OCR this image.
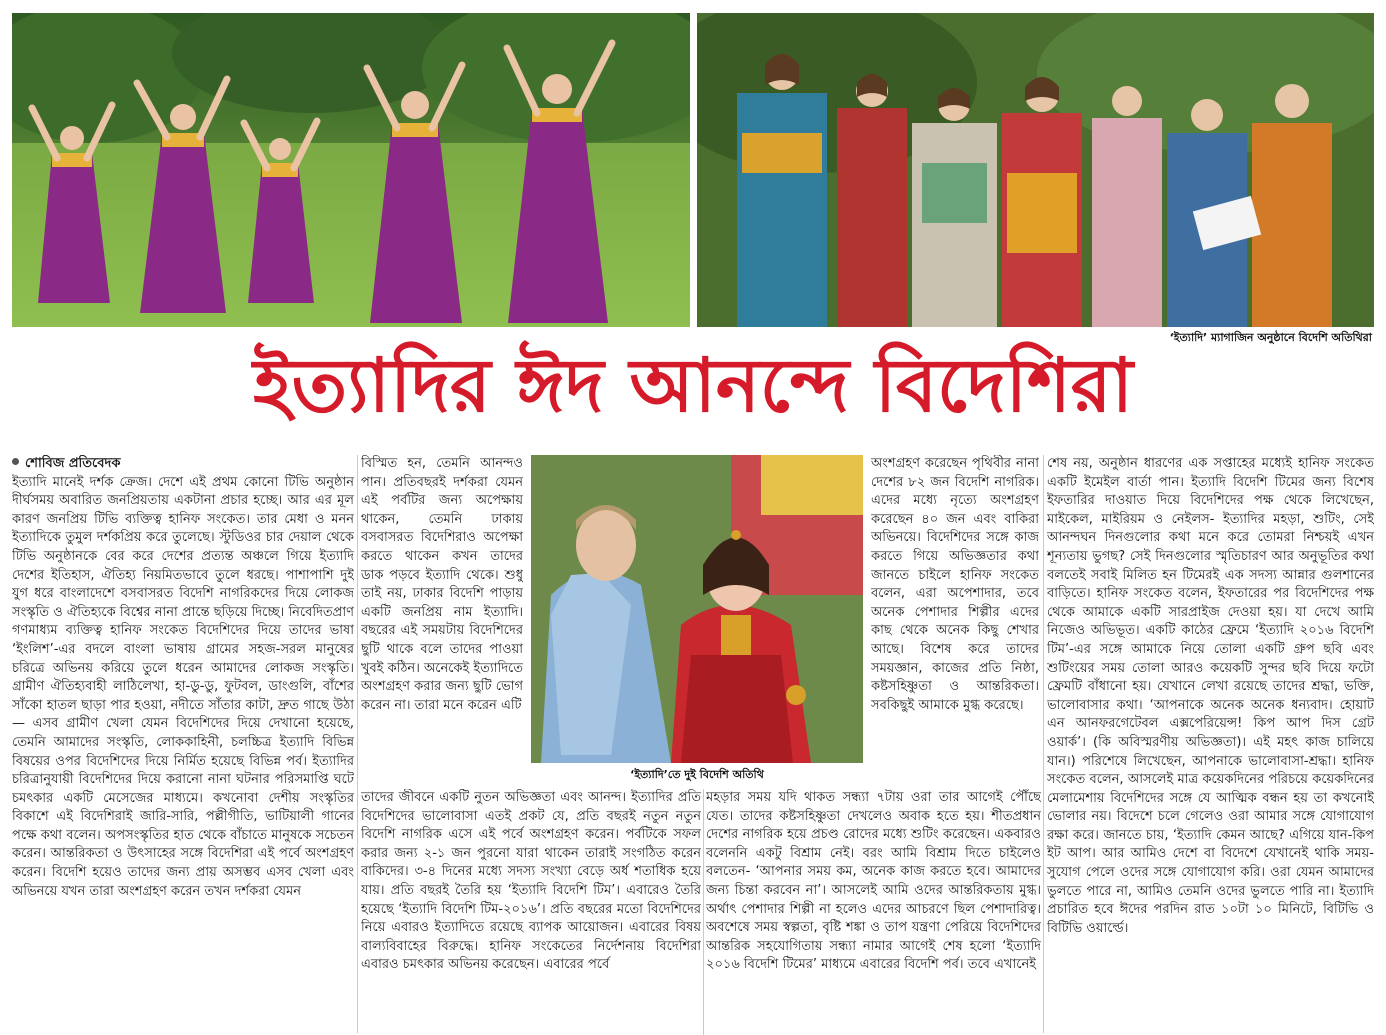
‘ইত্যাদি’ ম্যাগাজিন অনুষ্ঠানে বিদেশি অতিথিরা
ইত্যাদির ঈদ আনন্দে বিদেশিরা

শোবিজ প্রতিবেদক

ইত্যাদি মানেই দর্শক ক্রেজ। দেশে এই প্রথম কোনো টিভি অনুষ্ঠান দীর্ঘসময় অবারিত জনপ্রিয়তায় একটানা প্রচার হচ্ছে। আর এর মূল কারণ জনপ্রিয় টিভি ব্যক্তিত্ব হানিফ সংকেত। তার মেধা ও মনন ইত্যাদিকে তুমুল দর্শকপ্রিয় করে তুলেছে। স্টুডিওর চার দেয়াল থেকে টিভি অনুষ্ঠানকে বের করে দেশের প্রত্যন্ত অঞ্চলে গিয়ে ইত্যাদি দেশের ইতিহাস, ঐতিহ্য নিয়মিতভাবে তুলে ধরছে। পাশাপাশি দুই যুগ ধরে বাংলাদেশে বসবাসরত বিদেশি নাগরিকদের দিয়ে লোকজ সংস্কৃতি ও ঐতিহ্যকে বিশ্বের নানা প্রান্তে ছড়িয়ে দিচ্ছে। নিবেদিতপ্রাণ গণমাধ্যম ব্যক্তিত্ব হানিফ সংকেত বিদেশিদের দিয়ে তাদের ভাষা ‘ইংলিশ’-এর বদলে বাংলা ভাষায় গ্রামের সহজ-সরল মানুষের চরিত্রে অভিনয় করিয়ে তুলে ধরেন আমাদের লোকজ সংস্কৃতি। গ্রামীণ ঐতিহ্যবাহী লাঠিলেখা, হা-ডু-ডু, ফুটবল, ডাংগুলি, বাঁশের সাঁকো হাতল ছাড়া পার হওয়া, নদীতে সাঁতার কাটা, দ্রুত গাছে উঠা— এসব গ্রামীণ খেলা যেমন বিদেশিদের দিয়ে দেখানো হয়েছে, তেমনি আমাদের সংস্কৃতি, লোককাহিনী, চলচ্চিত্র ইত্যাদি বিভিন্ন বিষয়ের ওপর বিদেশিদের দিয়ে নির্মিত হয়েছে বিভিন্ন পর্ব। ইত্যাদির চরিত্রানুযায়ী বিদেশিদের দিয়ে করানো নানা ঘটনার পরিসমাপ্তি ঘটে চমৎকার একটি মেসেজের মাধ্যমে। কখনোবা দেশীয় সংস্কৃতির বিকাশে এই বিদেশিরাই জারি-সারি, পল্লীগীতি, ভাটিয়ালী গানের পক্ষে কথা বলেন। অপসংস্কৃতির হাত থেকে বাঁচাতে মানুষকে সচেতন করেন। আন্তরিকতা ও উৎসাহের সঙ্গে বিদেশিরা এই পর্বে অংশগ্রহণ করেন। বিদেশি হয়েও তাদের জন্য প্রায় অসম্ভব এসব খেলা এবং অভিনয়ে যখন তারা অংশগ্রহণ করেন তখন দর্শকরা যেমন

বিস্মিত হন, তেমনি আনন্দও পান। প্রতিবছরই দর্শকরা যেমন এই পর্বটির জন্য অপেক্ষায় থাকেন, তেমনি ঢাকায় বসবাসরত বিদেশিরাও অপেক্ষা করতে থাকেন কখন তাদের ডাক পড়বে ইত্যাদি থেকে। শুধু তাই নয়, ঢাকার বিদেশি পাড়ায় একটি জনপ্রিয় নাম ইত্যাদি। বছরের এই সময়টায় বিদেশিদের ছুটি থাকে বলে তাদের পাওয়া খুবই কঠিন। অনেকেই ইত্যাদিতে অংশগ্রহণ করার জন্য ছুটি ভোগ করেন না। তারা মনে করেন এটি

‘ইত্যাদি’তে দুই বিদেশি অতিথি

অংশগ্রহণ করেছেন পৃথিবীর নানা দেশের ৮২ জন বিদেশি নাগরিক। এদের মধ্যে নৃত্যে অংশগ্রহণ করেছেন ৪০ জন এবং বাকিরা অভিনয়ে। বিদেশিদের সঙ্গে কাজ করতে গিয়ে অভিজ্ঞতার কথা জানতে চাইলে হানিফ সংকেত বলেন, এরা অপেশাদার, তবে অনেক পেশাদার শিল্পীর এদের কাছ থেকে অনেক কিছু শেখার আছে। বিশেষ করে তাদের সময়জ্ঞান, কাজের প্রতি নিষ্ঠা, কষ্টসহিষ্ণুতা ও আন্তরিকতা। সবকিছুই আমাকে মুগ্ধ করেছে।

তাদের জীবনে একটি নুতন অভিজ্ঞতা এবং আনন্দ। ইত্যাদির প্রতি বিদেশিদের ভালোবাসা এতই প্রকট যে, প্রতি বছরই নতুন নতুন বিদেশি নাগরিক এসে এই পর্বে অংশগ্রহণ করেন। পর্বটিকে সফল করার জন্য ২-১ জন পুরনো যারা থাকেন তারাই সংগঠিত করেন বাকিদের। ৩-৪ দিনের মধ্যে সদস্য সংখ্যা বেড়ে অর্ধ শতাধিক হয়ে যায়। প্রতি বছরই তৈরি হয় ‘ইত্যাদি বিদেশি টিম’। এবারেও তৈরি হয়েছে ‘ইত্যাদি বিদেশি টিম-২০১৬’। প্রতি বছরের মতো বিদেশিদের নিয়ে এবারও ইত্যাদিতে রয়েছে ব্যাপক আয়োজন। এবারের বিষয় বাল্যবিবাহের বিরুদ্ধে। হানিফ সংকেতের নির্দেশনায় বিদেশিরা এবারও চমৎকার অভিনয় করেছেন। এবারের পর্বে

মহড়ার সময় যদি থাকত সন্ধ্যা ৭টায় ওরা তার আগেই পৌঁছে যেত। তাদের কষ্টসহিষ্ণুতা দেখলেও অবাক হতে হয়। শীতপ্রধান দেশের নাগরিক হয়ে প্রচণ্ড রোদের মধ্যে শুটিং করেছেন। একবারও বলেননি একটু বিশ্রাম নেই। বরং আমি বিশ্রাম দিতে চাইলেও বলতেন- ‘আপনার সময় কম, অনেক কাজ করতে হবে। আমাদের জন্য চিন্তা করবেন না’। আসলেই আমি ওদের আন্তরিকতায় মুগ্ধ। অর্থাৎ পেশাদার শিল্পী না হলেও এদের আচরণে ছিল পেশাদারিত্ব। অবশেষে সময় স্বল্পতা, বৃষ্টি শঙ্কা ও তাপ যন্ত্রণা পেরিয়ে বিদেশিদের আন্তরিক সহযোগিতায় সন্ধ্যা নামার আগেই শেষ হলো ‘ইত্যাদি ২০১৬ বিদেশি টিমের’ মাধ্যমে এবারের বিদেশি পর্ব। তবে এখানেই

শেষ নয়, অনুষ্ঠান ধারণের এক সপ্তাহের মধ্যেই হানিফ সংকেত একটি ইমেইল বার্তা পান। ইত্যাদি বিদেশি টিমের জন্য বিশেষ ইফতারির দাওয়াত দিয়ে বিদেশিদের পক্ষ থেকে লিখেছেন, মাইকেল, মাইরিয়ম ও নেইলস- ইত্যাদির মহড়া, শুটিং, সেই আনন্দঘন দিনগুলোর কথা মনে করে তোমরা নিশ্চয়ই এখন শূন্যতায় ভুগছ? সেই দিনগুলোর স্মৃতিচারণ আর অনুভূতির কথা বলতেই সবাই মিলিত হন টিমেরই এক সদস্য আন্নার গুলশানের বাড়িতে। হানিফ সংকেত বলেন, ইফতারের পর বিদেশিদের পক্ষ থেকে আমাকে একটি সারপ্রাইজ দেওয়া হয়। যা দেখে আমি নিজেও অভিভূত। একটি কাঠের ফ্রেমে ‘ইত্যাদি ২০১৬ বিদেশি টিম’-এর সঙ্গে আমাকে নিয়ে তোলা একটি গ্রুপ ছবি এবং শুটিংয়ের সময় তোলা আরও কয়েকটি সুন্দর ছবি দিয়ে ফটো ফ্রেমটি বাঁধানো হয়। যেখানে লেখা রয়েছে তাদের শ্রদ্ধা, ভক্তি, ভালোবাসার কথা। ‘আপনাকে অনেক অনেক ধন্যবাদ। হোয়াট এন আনফরগেটেবল এক্সপেরিয়েন্স! কিপ আপ দিস গ্রেট ওয়ার্ক’। (কি অবিস্মরণীয় অভিজ্ঞতা)। এই মহৎ কাজ চালিয়ে যান।) পরিশেষে লিখেছেন, আপনাকে ভালোবাসা-শ্রদ্ধা। হানিফ সংকেত বলেন, আসলেই মাত্র কয়েকদিনের পরিচয়ে কয়েকদিনের মেলামেশায় বিদেশিদের সঙ্গে যে আত্মিক বন্ধন হয় তা কখনোই ভোলার নয়। বিদেশে চলে গেলেও ওরা আমার সঙ্গে যোগাযোগ রক্ষা করে। জানতে চায়, ‘ইত্যাদি কেমন আছে? এগিয়ে যান-কিপ ইট আপ। আর আমিও দেশে বা বিদেশে যেখানেই থাকি সময়-সুযোগ পেলে ওদের সঙ্গে যোগাযোগ করি। ওরা যেমন আমাদের ভুলতে পারে না, আমিও তেমনি ওদের ভুলতে পারি না। ইত্যাদি প্রচারিত হবে ঈদের পরদিন রাত ১০টা ১০ মিনিটে, বিটিভি ও বিটিভি ওয়ার্ল্ডে।
